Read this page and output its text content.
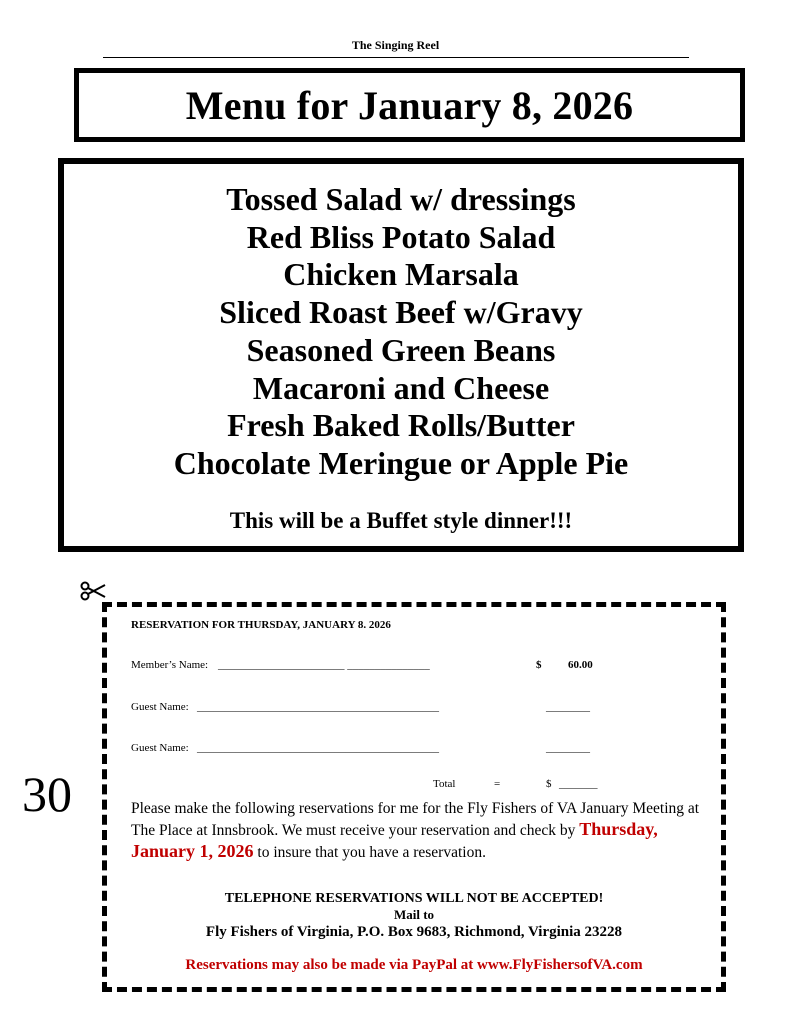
The Singing Reel
Menu for January 8, 2026
Tossed Salad w/ dressings
Red Bliss Potato Salad
Chicken Marsala
Sliced Roast Beef w/Gravy
Seasoned Green Beans
Macaroni and Cheese
Fresh Baked Rolls/Butter
Chocolate Meringue or Apple Pie
This will be a Buffet style dinner!!!
30
RESERVATION FOR THURSDAY, JANUARY 8. 2026
Member’s Name: _______________________ _______________	$ 60.00
Guest Name: ____________________________________________	________
Guest Name: ____________________________________________	________
Total	=	$ _______
Please make the following reservations for me for the Fly Fishers of VA January Meeting at The Place at Innsbrook. We must receive your reservation and check by Thursday, January 1, 2026 to insure that you have a reservation.
TELEPHONE RESERVATIONS WILL NOT BE ACCEPTED!
Mail to
Fly Fishers of Virginia, P.O. Box 9683, Richmond, Virginia 23228
Reservations may also be made via PayPal at www.FlyFishersofVA.com
